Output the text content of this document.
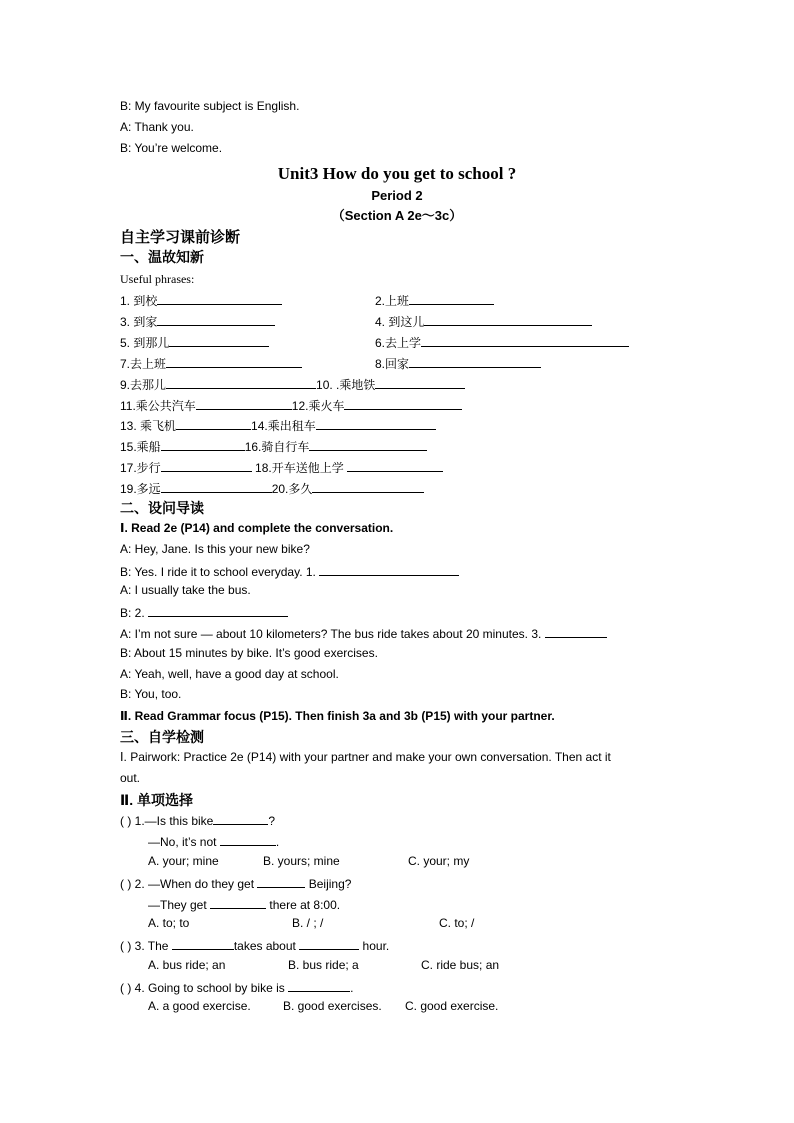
B: My favourite subject is English.
A: Thank you.
B: You’re welcome.
Unit3 How do you get to school ?
Period 2
（Section A 2e～3c）
自主学习课前诊断
一、温故知新
Useful phrases:
1. 到校	2.上班
3. 到家	4. 到这儿
5. 到那儿	6.去上学
7.去上班	8.回家
9.去那儿	10. .乘地铁
11.乘公共汽车	12.乘火车
13. 乘飞机	14.乘出租车
15.乘船	16.骑自行车
17.步行	18.开车送他上学
19.多远	20.多久
二、设问导读
Ⅰ. Read 2e (P14) and complete the conversation.
A: Hey, Jane. Is this your new bike?
B: Yes. I ride it to school everyday. 1.
A: I usually take the bus.
B: 2.
A: I’m not sure — about 10 kilometers? The bus ride takes about 20 minutes. 3.
B: About 15 minutes by bike. It’s good exercises.
A: Yeah, well, have a good day at school.
B: You, too.
Ⅱ. Read Grammar focus (P15). Then finish 3a and 3b (P15) with your partner.
三、自学检测
Ⅰ. Pairwork: Practice 2e (P14) with your partner and make your own conversation. Then act it
out.
Ⅱ. 单项选择
( ) 1.—Is this bike	?
—No, it’s not	.
A. your; mine	B. yours; mine	C. your; my
( ) 2. —When do they get	Beijing?
—They get	there at 8:00.
A. to; to	B. / ; /	C. to; /
( ) 3. The	takes about	hour.
A. bus ride; an	B. bus ride; a	C. ride bus; an
( ) 4. Going to school by bike is	.
A. a good exercise.	B. good exercises. C. good exercise.
